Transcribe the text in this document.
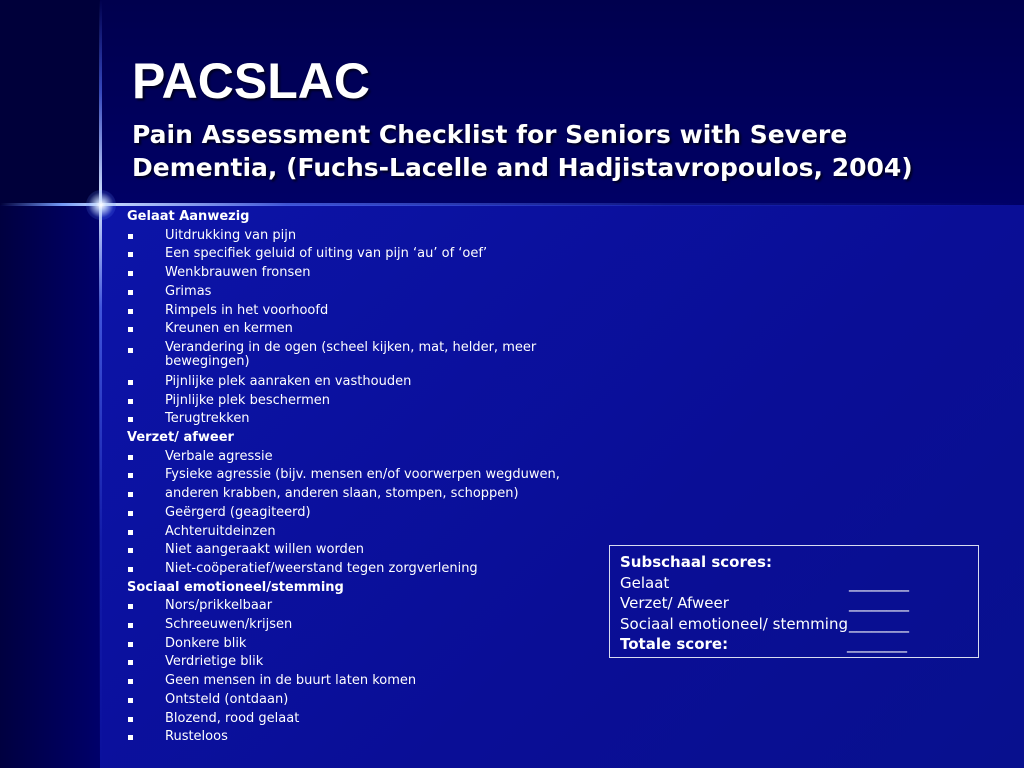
PACSLAC
Pain Assessment Checklist for Seniors with Severe
Dementia, (Fuchs-Lacelle and Hadjistavropoulos, 2004)

Gelaat Aanwezig

Uitdrukking van pijn
Een specifiek geluid of uiting van pijn ‘au’ of ‘oef’
Wenkbrauwen fronsen
Grimas
Rimpels in het voorhoofd
Kreunen en kermen
Verandering in de ogen (scheel kijken, mat, helder, meer bewegingen)
Pijnlijke plek aanraken en vasthouden
Pijnlijke plek beschermen
Terugtrekken

Verzet/ afweer

Verbale agressie
Fysieke agressie (bijv. mensen en/of voorwerpen wegduwen,
anderen krabben, anderen slaan, stompen, schoppen)
Geërgerd (geagiteerd)
Achteruitdeinzen
Niet aangeraakt willen worden
Niet-coöperatief/weerstand tegen zorgverlening

Sociaal emotioneel/stemming

Nors/prikkelbaar
Schreeuwen/krijsen
Donkere blik
Verdrietige blik
Geen mensen in de buurt laten komen
Ontsteld (ontdaan)
Blozend, rood gelaat
Rusteloos
Subschaal scores:
Gelaat	________
Verzet/ Afweer	________
Sociaal emotioneel/ stemming ________
Totale score:	________
